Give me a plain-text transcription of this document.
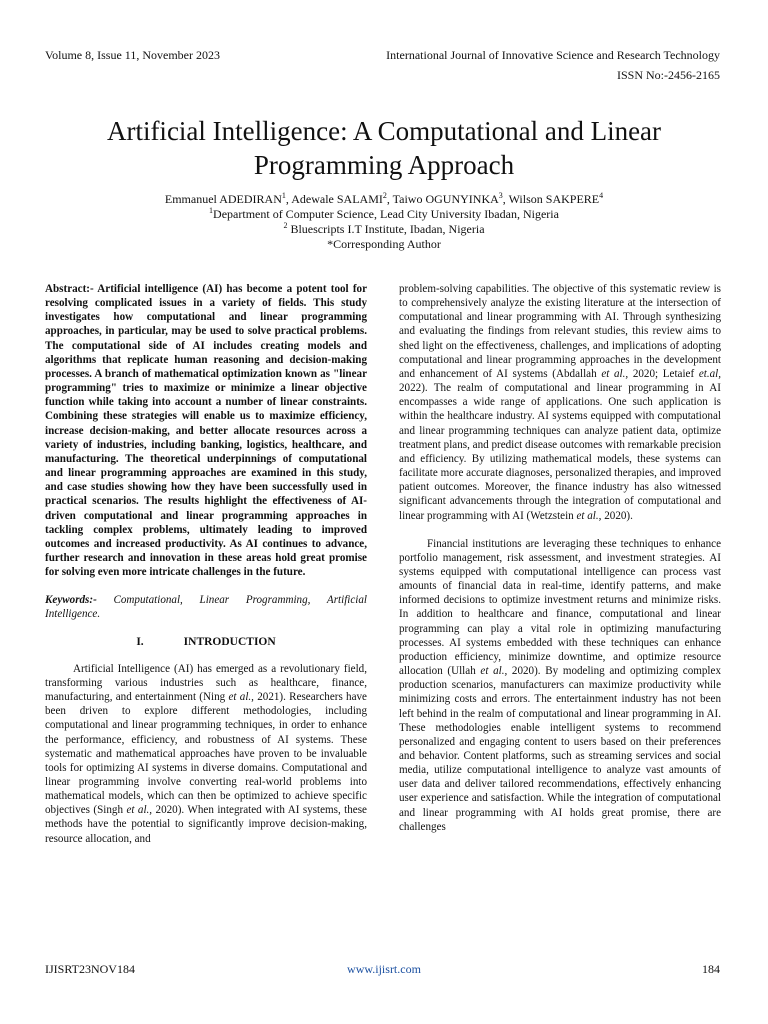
Volume 8, Issue 11, November 2023	International Journal of Innovative Science and Research Technology
ISSN No:-2456-2165
Artificial Intelligence: A Computational and Linear Programming Approach
Emmanuel ADEDIRAN$^1$, Adewale SALAMI$^2$, Taiwo OGUNYINKA$^3$, Wilson SAKPERE$^4$
$^1$Department of Computer Science, Lead City University Ibadan, Nigeria
$^2$ Bluescripts I.T Institute, Ibadan, Nigeria
*Corresponding Author

Abstract:- Artificial intelligence (AI) has become a potent tool for resolving complicated issues in a variety of fields. This study investigates how computational and linear programming approaches, in particular, may be used to solve practical problems. The computational side of AI includes creating models and algorithms that replicate human reasoning and decision-making processes. A branch of mathematical optimization known as "linear programming" tries to maximize or minimize a linear objective function while taking into account a number of linear constraints. Combining these strategies will enable us to maximize efficiency, increase decision-making, and better allocate resources across a variety of industries, including banking, logistics, healthcare, and manufacturing. The theoretical underpinnings of computational and linear programming approaches are examined in this study, and case studies showing how they have been successfully used in practical scenarios. The results highlight the effectiveness of AI-driven computational and linear programming approaches in tackling complex problems, ultimately leading to improved outcomes and increased productivity. As AI continues to advance, further research and innovation in these areas hold great promise for solving even more intricate challenges in the future.

Keywords:- Computational, Linear Programming, Artificial Intelligence.

I.	INTRODUCTION

Artificial Intelligence (AI) has emerged as a revolutionary field, transforming various industries such as healthcare, finance, manufacturing, and entertainment (Ning et al., 2021). Researchers have been driven to explore different methodologies, including computational and linear programming techniques, in order to enhance the performance, efficiency, and robustness of AI systems. These systematic and mathematical approaches have proven to be invaluable tools for optimizing AI systems in diverse domains. Computational and linear programming involve converting real-world problems into mathematical models, which can then be optimized to achieve specific objectives (Singh et al., 2020). When integrated with AI systems, these methods have the potential to significantly improve decision-making, resource allocation, and

problem-solving capabilities. The objective of this systematic review is to comprehensively analyze the existing literature at the intersection of computational and linear programming with AI. Through synthesizing and evaluating the findings from relevant studies, this review aims to shed light on the effectiveness, challenges, and implications of adopting computational and linear programming approaches in the development and enhancement of AI systems (Abdallah et al., 2020; Letaief et.al, 2022). The realm of computational and linear programming in AI encompasses a wide range of applications. One such application is within the healthcare industry. AI systems equipped with computational and linear programming techniques can analyze patient data, optimize treatment plans, and predict disease outcomes with remarkable precision and efficiency. By utilizing mathematical models, these systems can facilitate more accurate diagnoses, personalized therapies, and improved patient outcomes. Moreover, the finance industry has also witnessed significant advancements through the integration of computational and linear programming with AI (Wetzstein et al., 2020).

Financial institutions are leveraging these techniques to enhance portfolio management, risk assessment, and investment strategies. AI systems equipped with computational intelligence can process vast amounts of financial data in real-time, identify patterns, and make informed decisions to optimize investment returns and minimize risks. In addition to healthcare and finance, computational and linear programming can play a vital role in optimizing manufacturing processes. AI systems embedded with these techniques can enhance production efficiency, minimize downtime, and optimize resource allocation (Ullah et al., 2020). By modeling and optimizing complex production scenarios, manufacturers can maximize productivity while minimizing costs and errors. The entertainment industry has not been left behind in the realm of computational and linear programming in AI. These methodologies enable intelligent systems to recommend personalized and engaging content to users based on their preferences and behavior. Content platforms, such as streaming services and social media, utilize computational intelligence to analyze vast amounts of user data and deliver tailored recommendations, effectively enhancing user experience and satisfaction. While the integration of computational and linear programming with AI holds great promise, there are challenges

IJISRT23NOV184	www.ijisrt.com	184
